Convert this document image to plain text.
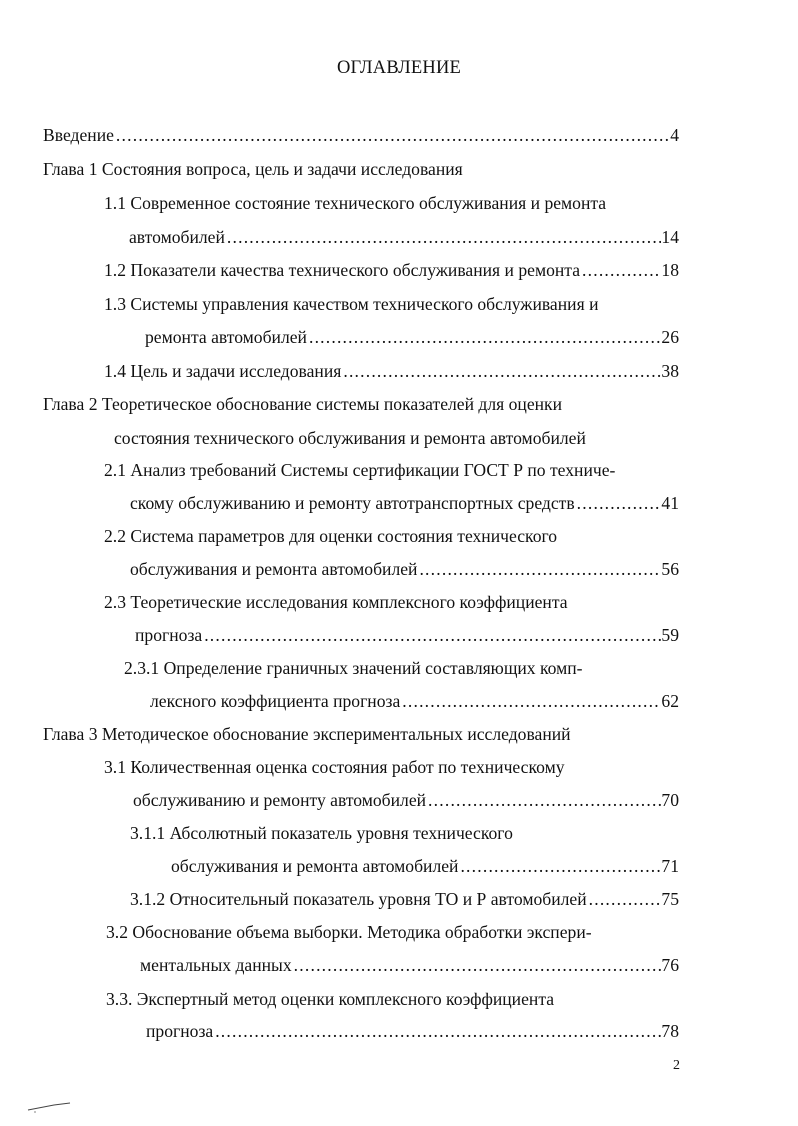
ОГЛАВЛЕНИЕ
Введение .....	4
Глава 1 Состояния вопроса, цель и задачи исследования
1.1 Современное состояние технического обслуживания и ремонта
автомобилей .....	14
1.2 Показатели качества технического обслуживания и ремонта .....	18
1.3 Системы управления качеством технического обслуживания и
ремонта автомобилей .....	26
1.4 Цель и задачи исследования .....	38
Глава 2 Теоретическое обоснование системы показателей для оценки
состояния технического обслуживания и ремонта автомобилей
2.1 Анализ требований Системы сертификации ГОСТ Р по техниче-
скому обслуживанию и ремонту автотранспортных средств .....	41
2.2 Система параметров для оценки состояния технического
обслуживания и ремонта автомобилей .....	56
2.3 Теоретические исследования комплексного коэффициента
прогноза .....	59
2.3.1 Определение граничных значений составляющих комп-
лексного коэффициента прогноза .....	62
Глава 3 Методическое обоснование экспериментальных исследований
3.1 Количественная оценка состояния работ по техническому
обслуживанию и ремонту автомобилей .....	70
3.1.1 Абсолютный показатель уровня технического
обслуживания и ремонта автомобилей .....	71
3.1.2 Относительный показатель уровня ТО и Р автомобилей .....	75
3.2 Обоснование объема выборки. Методика обработки экспери-
ментальных данных .....	76
3.3. Экспертный метод оценки комплексного коэффициента
прогноза .....	78
2
